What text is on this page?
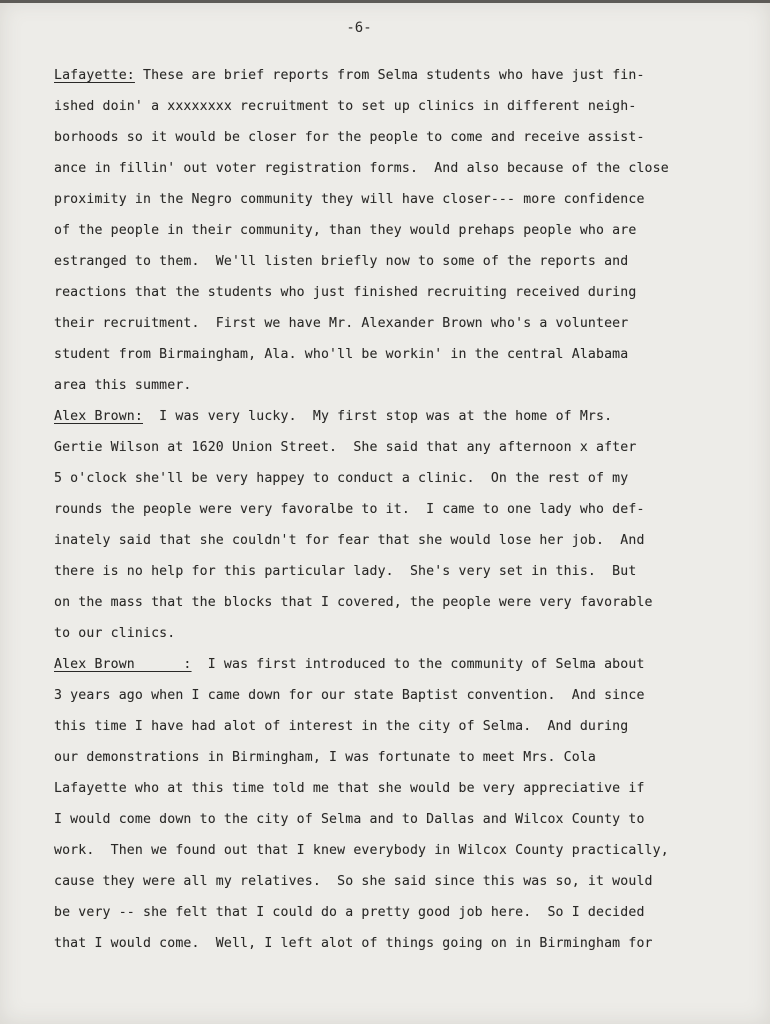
-6-
Lafayette: These are brief reports from Selma students who have just fin-
ished doin' a xxxxxxxx recruitment to set up clinics in different neigh-
borhoods so it would be closer for the people to come and receive assist-
ance in fillin' out voter registration forms.  And also because of the close
proximity in the Negro community they will have closer--- more confidence
of the people in their community, than they would prehaps people who are
estranged to them.  We'll listen briefly now to some of the reports and
reactions that the students who just finished recruiting received during
their recruitment.  First we have Mr. Alexander Brown who's a volunteer
student from Birmaingham, Ala. who'll be workin' in the central Alabama
area this summer.
Alex Brown:  I was very lucky.  My first stop was at the home of Mrs.
Gertie Wilson at 1620 Union Street.  She said that any afternoon x after
5 o'clock she'll be very happey to conduct a clinic.  On the rest of my
rounds the people were very favoralbe to it.  I came to one lady who def-
inately said that she couldn't for fear that she would lose her job.  And
there is no help for this particular lady.  She's very set in this.  But
on the mass that the blocks that I covered, the people were very favorable
to our clinics.
Alex Brown      :  I was first introduced to the community of Selma about
3 years ago when I came down for our state Baptist convention.  And since
this time I have had alot of interest in the city of Selma.  And during
our demonstrations in Birmingham, I was fortunate to meet Mrs. Cola
Lafayette who at this time told me that she would be very appreciative if
I would come down to the city of Selma and to Dallas and Wilcox County to
work.  Then we found out that I knew everybody in Wilcox County practically,
cause they were all my relatives.  So she said since this was so, it would
be very -- she felt that I could do a pretty good job here.  So I decided
that I would come.  Well, I left alot of things going on in Birmingham for
